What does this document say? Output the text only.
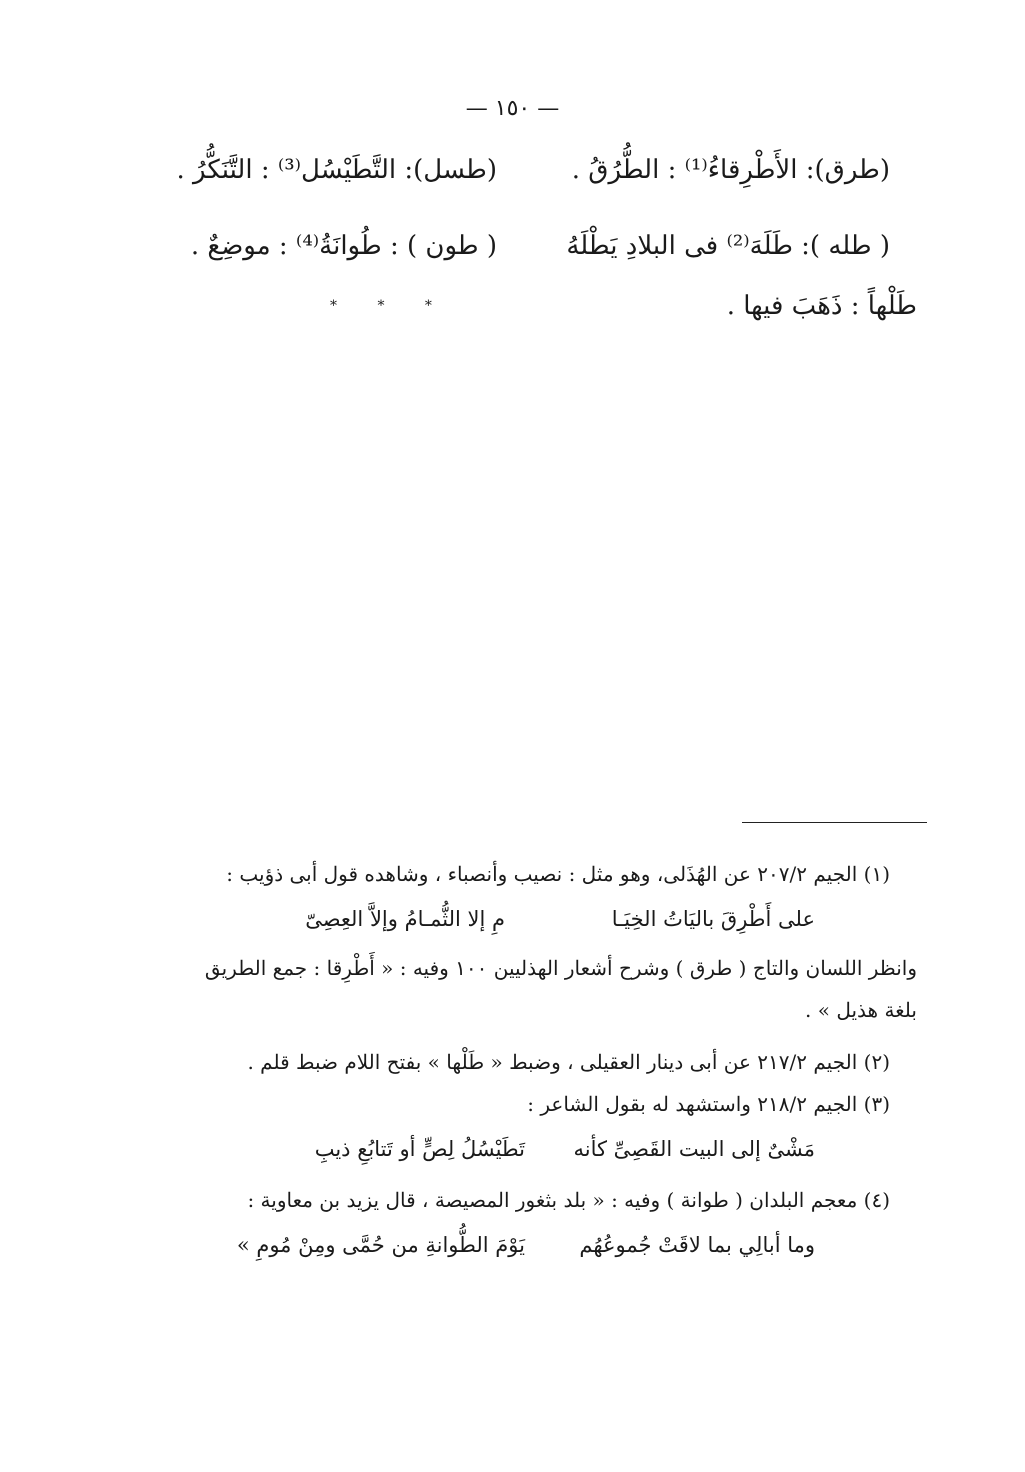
— ١٥٠ —
(طرق): الأَطْرِقاءُ⁽¹⁾ : الطُّرُقُ .
( طله ): طَلَهَ⁽²⁾ فى البلادِ يَطْلَهُ
طَلْهاً : ذَهَبَ فيها .
(طسل): التَّطَيْسُل⁽³⁾ : التَّنَكُّرُ .
( طون ) : طُوانَةُ⁽⁴⁾ : موضِعٌ .
* * *
(١) الجيم ٢٠٧/٢ عن الهُذَلى، وهو مثل : نصيب وأنصباء ، وشاهده قول أبى ذؤيب :
على أَطْرِقَ باليَاتُ الخِيَـا
مِ إلا الثُّمـامُ وإلاَّ العِصِىّ
وانظر اللسان والتاج ( طرق ) وشرح أشعار الهذليين ١٠٠ وفيه : « أَطْرِقا : جمع الطريق
بلغة هذيل » .
(٢) الجيم ٢١٧/٢ عن أبى دينار العقيلى ، وضبط « طَلْها » بفتح اللام ضبط قلم .
(٣) الجيم ٢١٨/٢ واستشهد له بقول الشاعر :
مَشْىٌ إلى البيت القَصِىِّ كأنه
تَطَيْسُلُ لِصٍّ أو تَتابُعِ ذيبِ
(٤) معجم البلدان ( طوانة ) وفيه : « بلد بثغور المصيصة ، قال يزيد بن معاوية :
وما أبالِي بما لاقَتْ جُموعُهُم
يَوْمَ الطُّوانةِ من حُمَّى ومِنْ مُومِ »
